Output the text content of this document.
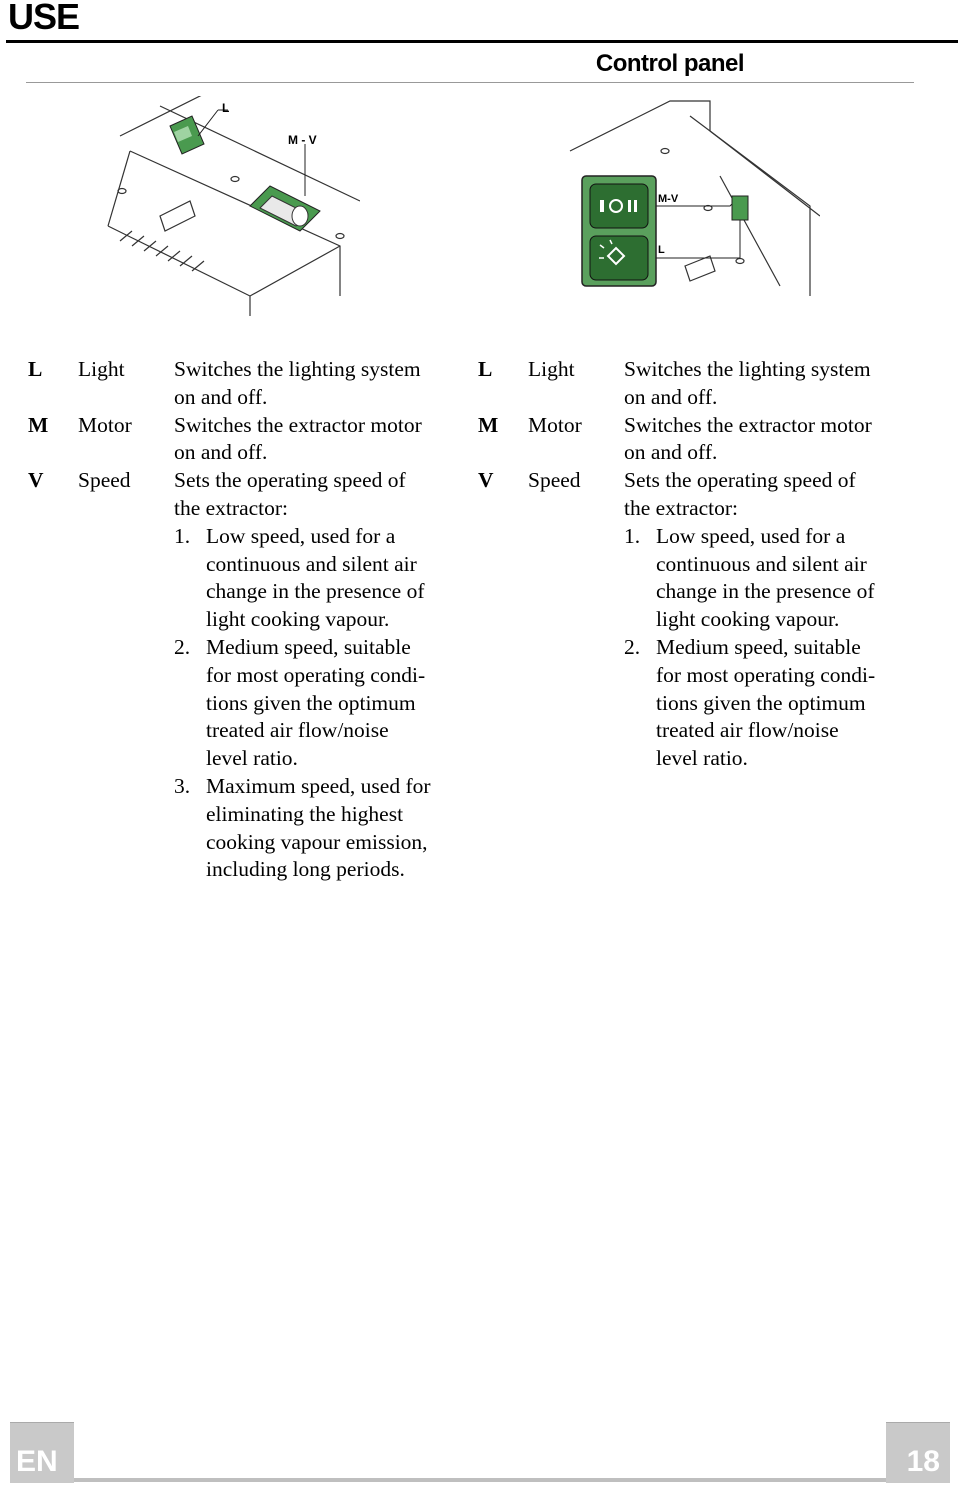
USE
Control panel
L
M - V
M-V
L
L Light Switches the lighting system
on and off.
M Motor Switches the extractor motor
on and off.
V Speed Sets the operating speed of
the extractor:
1. Low speed, used for a
continuous and silent air
change in the presence of
light cooking vapour.
2. Medium speed, suitable
for most operating condi-
tions given the optimum
treated air flow/noise
level ratio.
3. Maximum speed, used for
eliminating the highest
cooking vapour emission,
including long periods.
L Light Switches the lighting system
on and off.
M Motor Switches the extractor motor
on and off.
V Speed Sets the operating speed of
the extractor:
1. Low speed, used for a
continuous and silent air
change in the presence of
light cooking vapour.
2. Medium speed, suitable
for most operating condi-
tions given the optimum
treated air flow/noise
level ratio.
EN	18
